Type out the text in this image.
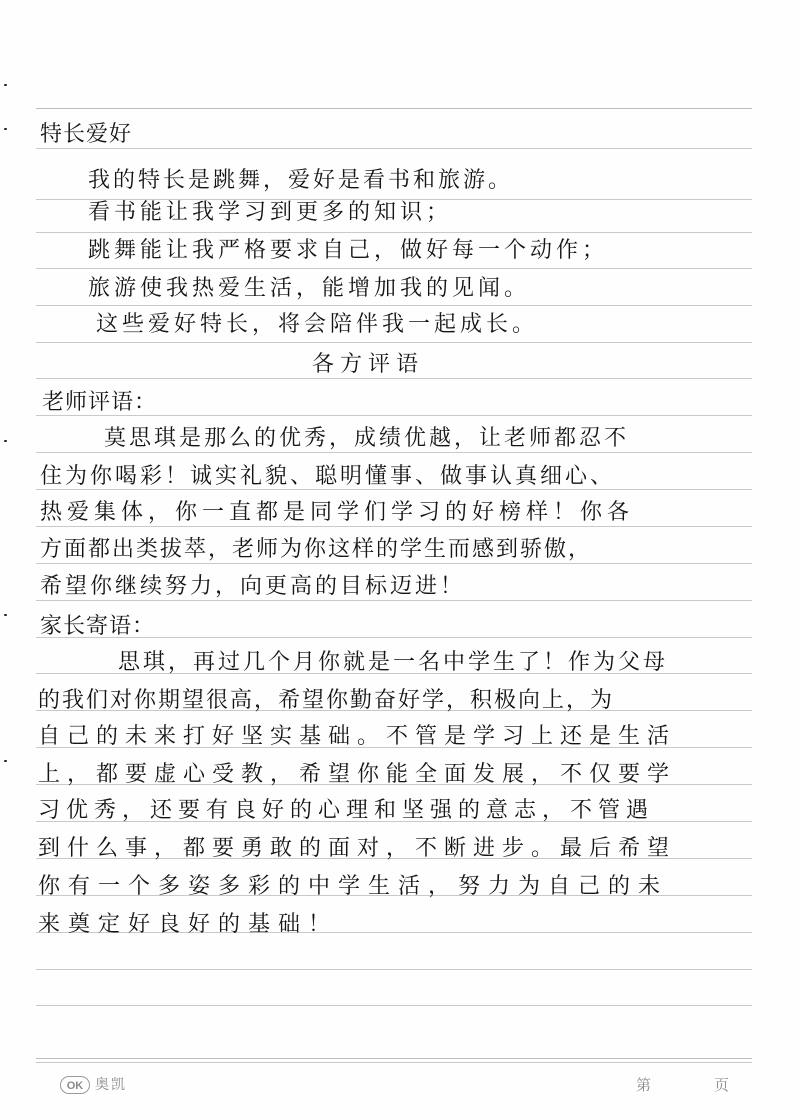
特长爱好
我的特长是跳舞，爱好是看书和旅游。
看书能让我学习到更多的知识；
跳舞能让我严格要求自己，做好每一个动作；
旅游使我热爱生活，能增加我的见闻。
这些爱好特长，将会陪伴我一起成长。
各方评语
老师评语：
莫思琪是那么的优秀，成绩优越，让老师都忍不
住为你喝彩！诚实礼貌、聪明懂事、做事认真细心、
热爱集体，你一直都是同学们学习的好榜样！你各
方面都出类拔萃，老师为你这样的学生而感到骄傲，
希望你继续努力，向更高的目标迈进！
家长寄语：
思琪，再过几个月你就是一名中学生了！作为父母
的我们对你期望很高，希望你勤奋好学，积极向上，为
自己的未来打好坚实基础。不管是学习上还是生活
上，都要虚心受教，希望你能全面发展，不仅要学
习优秀，还要有良好的心理和坚强的意志，不管遇
到什么事，都要勇敢的面对，不断进步。最后希望
你有一个多姿多彩的中学生活，努力为自己的未
来奠定好良好的基础！
OK 奥凯	第	页
